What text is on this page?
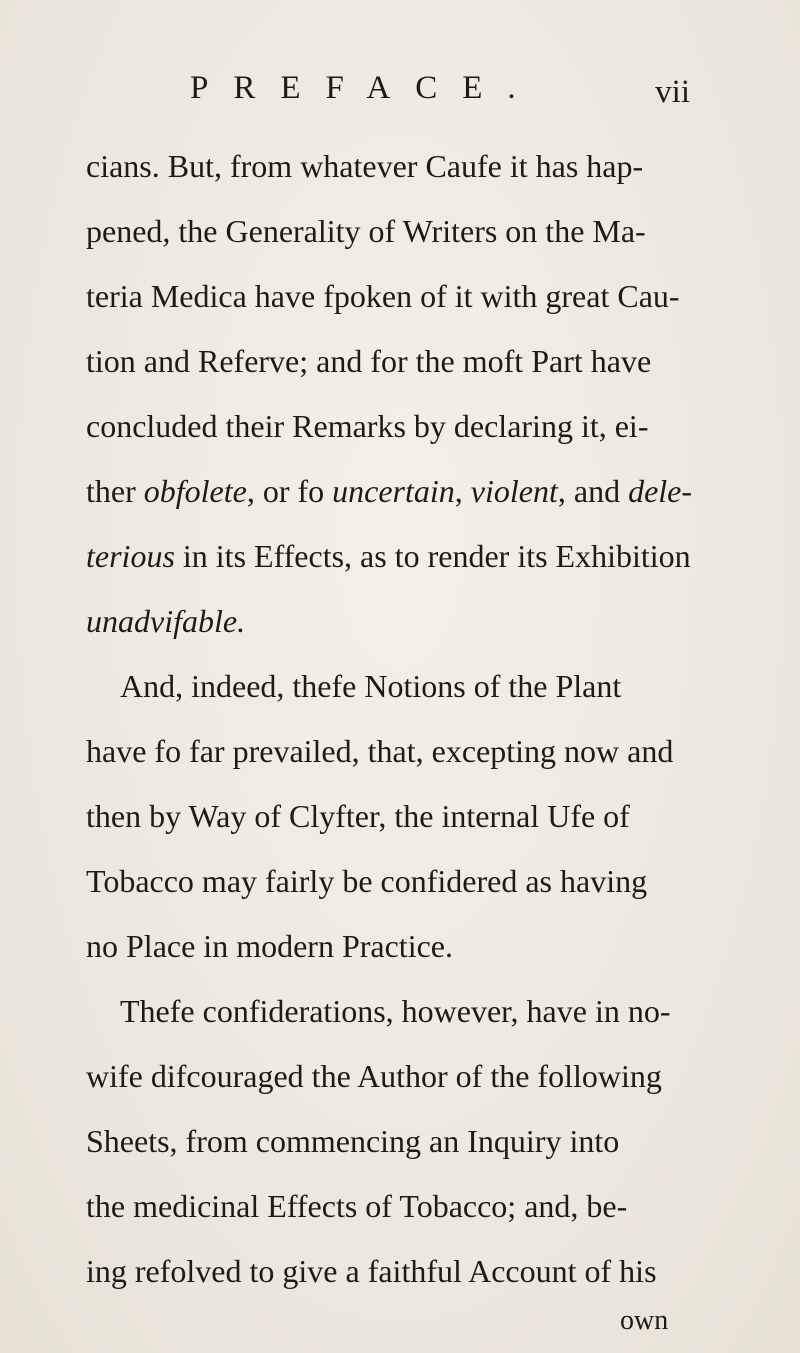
PREFACE.	vii
cians. But, from whatever Caufe it has hap-
pened, the Generality of Writers on the Ma-
teria Medica have fpoken of it with great Cau-
tion and Referve; and for the moft Part have
concluded their Remarks by declaring it, ei-
ther obfolete, or fo uncertain, violent, and dele-
terious in its Effects, as to render its Exhibition
unadvifable.
And, indeed, thefe Notions of the Plant
have fo far prevailed, that, excepting now and
then by Way of Clyfter, the internal Ufe of
Tobacco may fairly be confidered as having
no Place in modern Practice.
Thefe confiderations, however, have in no-
wife difcouraged the Author of the following
Sheets, from commencing an Inquiry into
the medicinal Effects of Tobacco; and, be-
ing refolved to give a faithful Account of his
own
